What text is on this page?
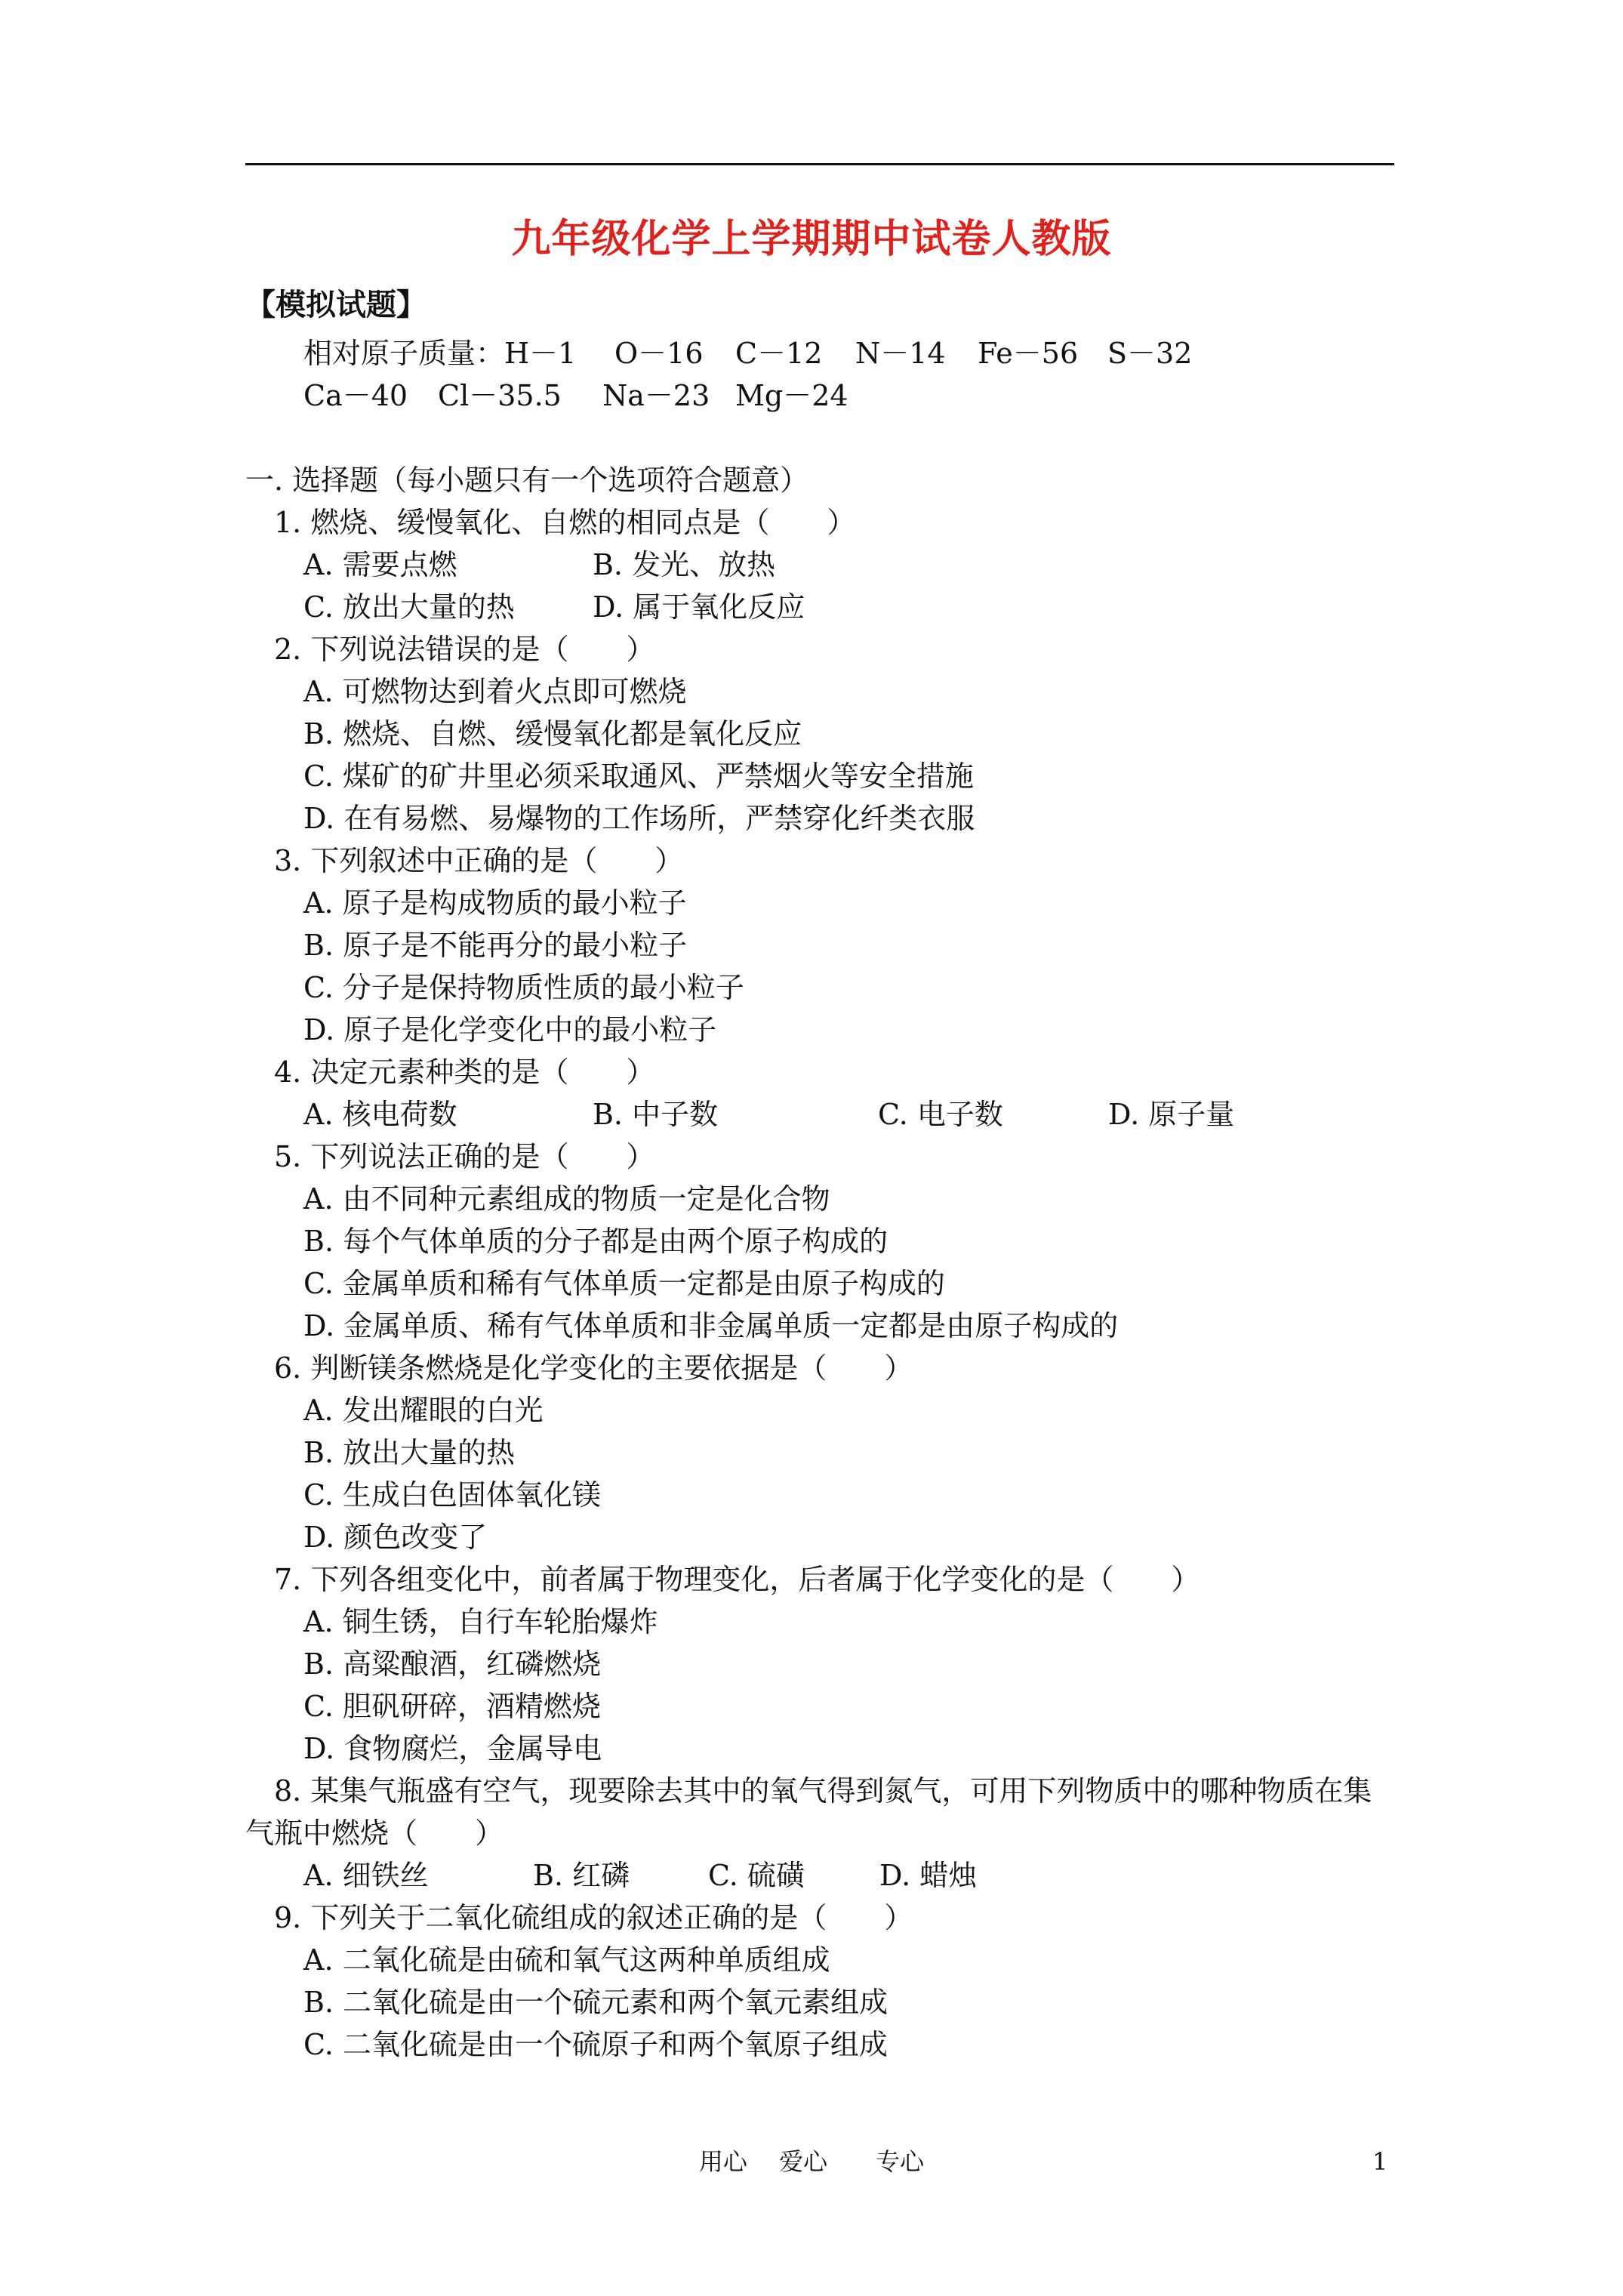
九年级化学上学期期中试卷人教版
【模拟试题】
相对原子质量： H－1 O－16 C－12 N－14 Fe－56 S－32
Ca－40 Cl－35.5 Na－23 Mg－24
一. 选择题（每小题只有一个选项符合题意）
1. 燃烧、缓慢氧化、自燃的相同点是（　　）
A. 需要点燃	B. 发光、放热
C. 放出大量的热	D. 属于氧化反应
2. 下列说法错误的是（　　）
A. 可燃物达到着火点即可燃烧
B. 燃烧、自燃、缓慢氧化都是氧化反应
C. 煤矿的矿井里必须采取通风、严禁烟火等安全措施
D. 在有易燃、易爆物的工作场所，严禁穿化纤类衣服
3. 下列叙述中正确的是（　　）
A. 原子是构成物质的最小粒子
B. 原子是不能再分的最小粒子
C. 分子是保持物质性质的最小粒子
D. 原子是化学变化中的最小粒子
4. 决定元素种类的是（　　）
A. 核电荷数	B. 中子数	C. 电子数	D. 原子量
5. 下列说法正确的是（　　）
A. 由不同种元素组成的物质一定是化合物
B. 每个气体单质的分子都是由两个原子构成的
C. 金属单质和稀有气体单质一定都是由原子构成的
D. 金属单质、稀有气体单质和非金属单质一定都是由原子构成的
6. 判断镁条燃烧是化学变化的主要依据是（　　）
A. 发出耀眼的白光
B. 放出大量的热
C. 生成白色固体氧化镁
D. 颜色改变了
7. 下列各组变化中，前者属于物理变化，后者属于化学变化的是（　　）
A. 铜生锈，自行车轮胎爆炸
B. 高粱酿酒，红磷燃烧
C. 胆矾研碎，酒精燃烧
D. 食物腐烂，金属导电
8. 某集气瓶盛有空气，现要除去其中的氧气得到氮气，可用下列物质中的哪种物质在集
气瓶中燃烧（　　）
A. 细铁丝	B. 红磷	C. 硫磺	D. 蜡烛
9. 下列关于二氧化硫组成的叙述正确的是（　　）
A. 二氧化硫是由硫和氧气这两种单质组成
B. 二氧化硫是由一个硫元素和两个氧元素组成
C. 二氧化硫是由一个硫原子和两个氧原子组成
用心　 爱心　　专心	1
